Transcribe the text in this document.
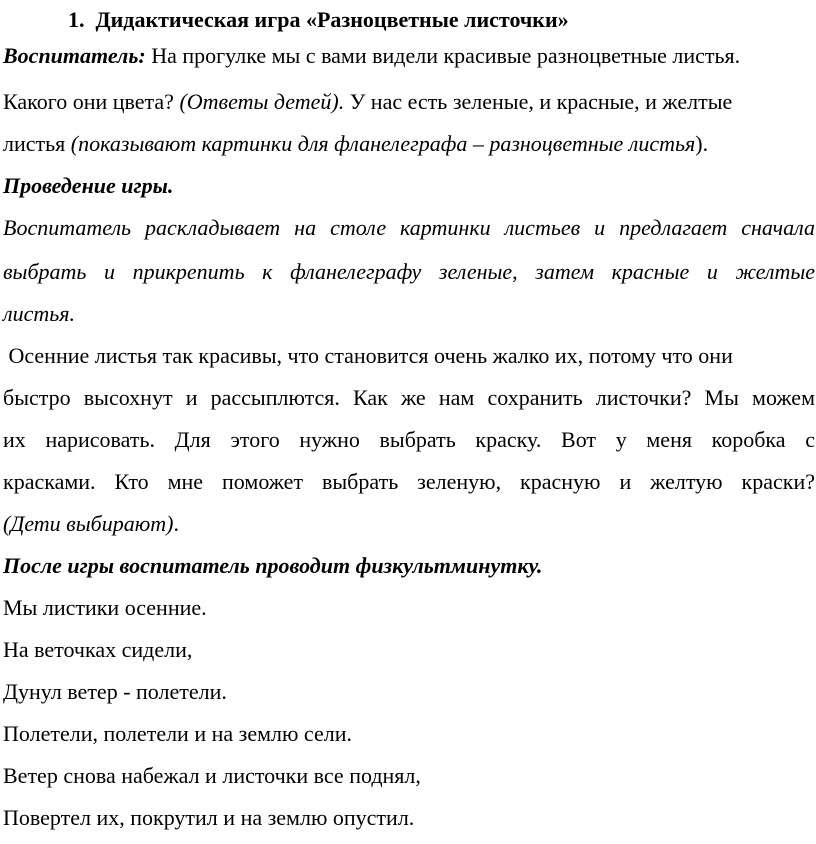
1. Дидактическая игра «Разноцветные листочки»
Воспитатель: На прогулке мы с вами видели красивые разноцветные листья.
Какого они цвета? (Ответы детей). У нас есть зеленые, и красные, и желтые
листья (показывают картинки для фланелеграфа – разноцветные листья).
Проведение игры.
Воспитатель раскладывает на столе картинки листьев и предлагает сначала
выбрать и прикрепить к фланелеграфу зеленые, затем красные и желтые
листья.
Осенние листья так красивы, что становится очень жалко их, потому что они
быстро высохнут и рассыплются. Как же нам сохранить листочки? Мы можем
их нарисовать. Для этого нужно выбрать краску. Вот у меня коробка с
красками. Кто мне поможет выбрать зеленую, красную и желтую краски?
(Дети выбирают).
После игры воспитатель проводит физкультминутку.
Мы листики осенние.
На веточках сидели,
Дунул ветер - полетели.
Полетели, полетели и на землю сели.
Ветер снова набежал и листочки все поднял,
Повертел их, покрутил и на землю опустил.
